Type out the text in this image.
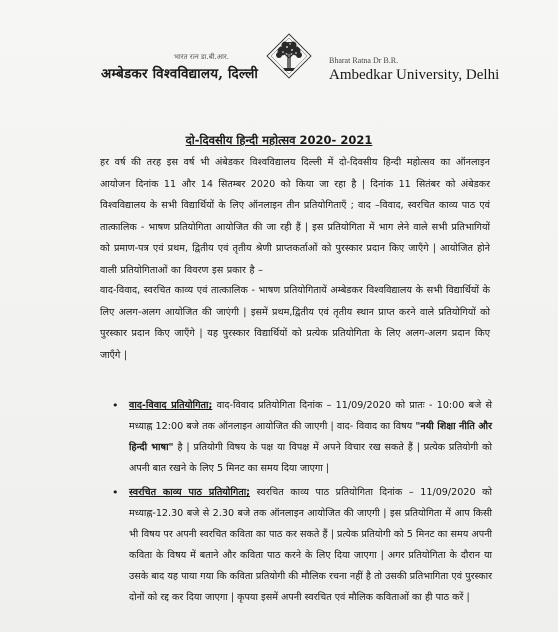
भारत रत्न डा.बी.आर.
अम्बेडकर विश्वविद्यालय, दिल्ली
Bharat Ratna Dr B.R.
Ambedkar University, Delhi
दो-दिवसीय हिन्दी महोत्सव 2020- 2021
हर वर्ष की तरह इस वर्ष भी अंबेडकर विश्वविद्यालय दिल्ली में दो-दिवसीय हिन्दी महोत्सव का ऑनलाइन आयोजन दिनांक 11 और 14 सितम्बर 2020 को किया जा रहा है | दिनांक 11 सितंबर को अंबेडकर विश्वविद्यालय के सभी विद्यार्थियों के लिए ऑनलाइन तीन प्रतियोगिताएँ ; वाद –विवाद, स्वरचित काव्य पाठ एवं तात्कालिक - भाषण प्रतियोगिता आयोजित की जा रही हैं | इस प्रतियोगिता में भाग लेने वाले सभी प्रतिभागियों को प्रमाण-पत्र एवं प्रथम, द्वितीय एवं तृतीय श्रेणी प्राप्तकर्ताओं को पुरस्कार प्रदान किए जाएँगे | आयोजित होने वाली प्रतियोगिताओं का विवरण इस प्रकार है –
वाद-विवाद, स्वरचित काव्य एवं तात्कालिक - भाषण प्रतियोगितायें अम्बेडकर विश्वविद्यालय के सभी विद्यार्थियों के लिए अलग-अलग आयोजित की जाएंगी | इसमें प्रथम,द्वितीय एवं तृतीय स्थान प्राप्त करने वाले प्रतियोगियों को पुरस्कार प्रदान किए जाएँगे | यह पुरस्कार विद्यार्थियों को प्रत्येक प्रतियोगिता के लिए अलग-अलग प्रदान किए जाएँगे |
• वाद-विवाद प्रतियोगिता; वाद-विवाद प्रतियोगिता दिनांक – 11/09/2020 को प्रातः - 10:00 बजे से मध्याह्न 12:00 बजे तक ऑनलाइन आयोजित की जाएगी | वाद- विवाद का विषय "नयी शिक्षा नीति और हिन्दी भाषा" है | प्रतियोगी विषय के पक्ष या विपक्ष में अपने विचार रख सकते हैं | प्रत्येक प्रतियोगी को अपनी बात रखने के लिए 5 मिनट का समय दिया जाएगा |
• स्वरचित काव्य पाठ प्रतियोगिता; स्वरचित काव्य पाठ प्रतियोगिता दिनांक – 11/09/2020 को मध्याह्न-12.30 बजे से 2.30 बजे तक ऑनलाइन आयोजित की जाएगी | इस प्रतियोगिता में आप किसी भी विषय पर अपनी स्वरचित कविता का पाठ कर सकते हैं | प्रत्येक प्रतियोगी को 5 मिनट का समय अपनी कविता के विषय में बताने और कविता पाठ करने के लिए दिया जाएगा | अगर प्रतियोगिता के दौरान या उसके बाद यह पाया गया कि कविता प्रतियोगी की मौलिक रचना नहीं है तो उसकी प्रतिभागिता एवं पुरस्कार दोनों को रद्द कर दिया जाएगा | कृपया इसमें अपनी स्वरचित एवं मौलिक कविताओं का ही पाठ करें |
